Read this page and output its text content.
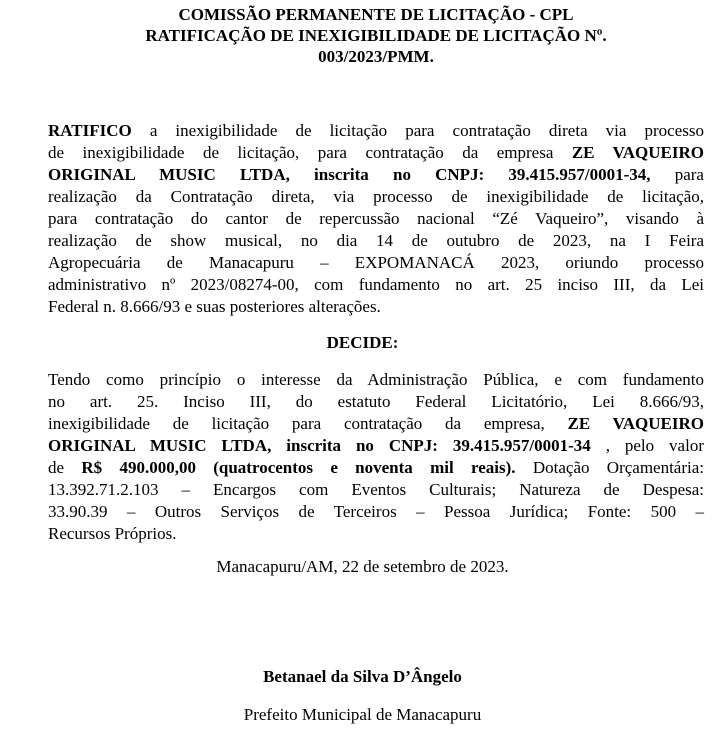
COMISSÃO PERMANENTE DE LICITAÇÃO - CPL
RATIFICAÇÃO DE INEXIGIBILIDADE DE LICITAÇÃO Nº.
003/2023/PMM.
RATIFICO a inexigibilidade de licitação para contratação direta via processo
de inexigibilidade de licitação, para contratação da empresa ZE VAQUEIRO
ORIGINAL MUSIC LTDA, inscrita no CNPJ: 39.415.957/0001-34, para
realização da Contratação direta, via processo de inexigibilidade de licitação,
para contratação do cantor de repercussão nacional “Zé Vaqueiro”, visando à
realização de show musical, no dia 14 de outubro de 2023, na I Feira
Agropecuária de Manacapuru – EXPOMANACÁ 2023, oriundo processo
administrativo nº 2023/08274-00, com fundamento no art. 25 inciso III, da Lei
Federal n. 8.666/93 e suas posteriores alterações.
DECIDE:
Tendo como princípio o interesse da Administração Pública, e com fundamento
no art. 25. Inciso III, do estatuto Federal Licitatório, Lei 8.666/93,
inexigibilidade de licitação para contratação da empresa, ZE VAQUEIRO
ORIGINAL MUSIC LTDA, inscrita no CNPJ: 39.415.957/0001-34 , pelo valor
de R$ 490.000,00 (quatrocentos e noventa mil reais). Dotação Orçamentária:
13.392.71.2.103 – Encargos com Eventos Culturais; Natureza de Despesa:
33.90.39 – Outros Serviços de Terceiros – Pessoa Jurídica; Fonte: 500 –
Recursos Próprios.
Manacapuru/AM, 22 de setembro de 2023.
Betanael da Silva D’Ângelo
Prefeito Municipal de Manacapuru
